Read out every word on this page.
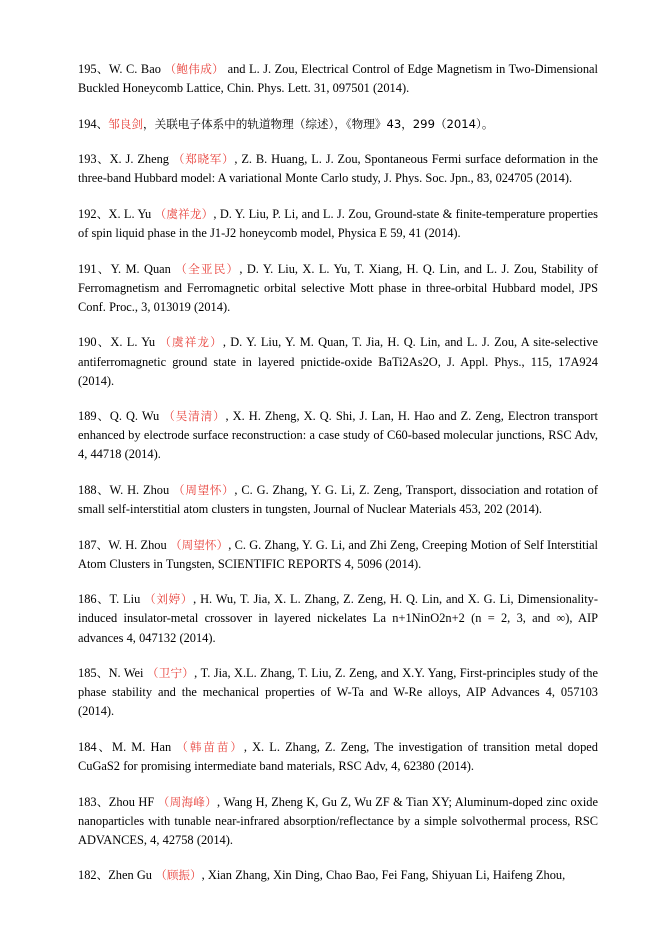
195、W. C. Bao （鲍伟成） and L. J. Zou, Electrical Control of Edge Magnetism in Two-Dimensional Buckled Honeycomb Lattice, Chin. Phys. Lett. 31, 097501 (2014).

194、邹良剑，关联电子体系中的轨道物理（综述），《物理》43，299（2014）。

193、X. J. Zheng （郑晓军）, Z. B. Huang, L. J. Zou, Spontaneous Fermi surface deformation in the three-band Hubbard model: A variational Monte Carlo study, J. Phys. Soc. Jpn., 83, 024705 (2014).

192、X. L. Yu （虞祥龙）, D. Y. Liu, P. Li, and L. J. Zou, Ground-state & finite-temperature properties of spin liquid phase in the J1-J2 honeycomb model, Physica E 59, 41 (2014).

191、Y. M. Quan （全亚民）, D. Y. Liu, X. L. Yu, T. Xiang, H. Q. Lin, and L. J. Zou, Stability of Ferromagnetism and Ferromagnetic orbital selective Mott phase in three-orbital Hubbard model, JPS Conf. Proc., 3, 013019 (2014).

190、X. L. Yu （虞祥龙）, D. Y. Liu, Y. M. Quan, T. Jia, H. Q. Lin, and L. J. Zou, A site-selective antiferromagnetic ground state in layered pnictide-oxide BaTi2As2O, J. Appl. Phys., 115, 17A924 (2014).

189、Q. Q. Wu （吴清清）, X. H. Zheng, X. Q. Shi, J. Lan, H. Hao and Z. Zeng, Electron transport enhanced by electrode surface reconstruction: a case study of C60-based molecular junctions, RSC Adv, 4, 44718 (2014).

188、W. H. Zhou （周望怀）, C. G. Zhang, Y. G. Li, Z. Zeng, Transport, dissociation and rotation of small self-interstitial atom clusters in tungsten, Journal of Nuclear Materials 453, 202 (2014).

187、W. H. Zhou （周望怀）, C. G. Zhang, Y. G. Li, and Zhi Zeng, Creeping Motion of Self Interstitial Atom Clusters in Tungsten, SCIENTIFIC REPORTS 4, 5096 (2014).

186、T. Liu （刘婷）, H. Wu, T. Jia, X. L. Zhang, Z. Zeng, H. Q. Lin, and X. G. Li, Dimensionality-induced insulator-metal crossover in layered nickelates La n+1NinO2n+2 (n = 2, 3, and ∞), AIP advances 4, 047132 (2014).

185、N. Wei （卫宁）, T. Jia, X.L. Zhang, T. Liu, Z. Zeng, and X.Y. Yang, First-principles study of the phase stability and the mechanical properties of W-Ta and W-Re alloys, AIP Advances 4, 057103 (2014).

184、M. M. Han （韩苗苗）, X. L. Zhang, Z. Zeng, The investigation of transition metal doped CuGaS2 for promising intermediate band materials, RSC Adv, 4, 62380 (2014).

183、Zhou HF （周海峰）, Wang H, Zheng K, Gu Z, Wu ZF & Tian XY; Aluminum-doped zinc oxide nanoparticles with tunable near-infrared absorption/reflectance by a simple solvothermal process, RSC ADVANCES, 4, 42758 (2014).

182、Zhen Gu （顾振）, Xian Zhang, Xin Ding, Chao Bao, Fei Fang, Shiyuan Li, Haifeng Zhou,
